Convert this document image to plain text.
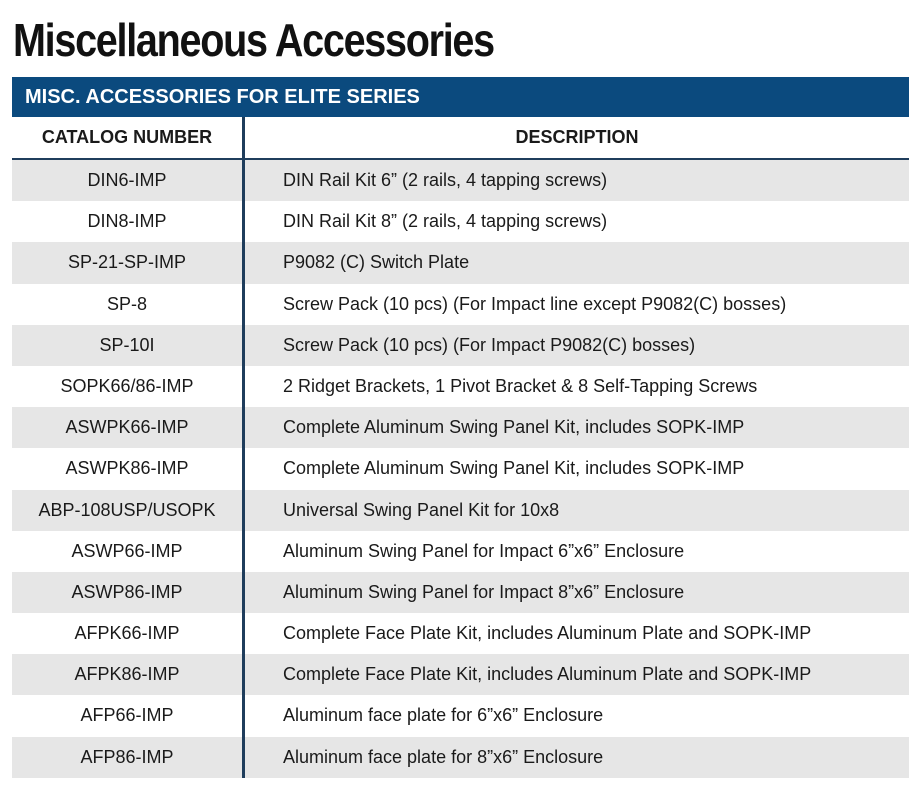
Miscellaneous Accessories
MISC. ACCESSORIES FOR ELITE SERIES
CATALOG NUMBER	DESCRIPTION
DIN6-IMP	DIN Rail Kit 6” (2 rails, 4 tapping screws)
DIN8-IMP	DIN Rail Kit 8” (2 rails, 4 tapping screws)
SP-21-SP-IMP	P9082 (C) Switch Plate
SP-8	Screw Pack (10 pcs) (For Impact line except P9082(C) bosses)
SP-10I	Screw Pack (10 pcs) (For Impact P9082(C) bosses)
SOPK66/86-IMP	2 Ridget Brackets, 1 Pivot Bracket & 8 Self-Tapping Screws
ASWPK66-IMP	Complete Aluminum Swing Panel Kit, includes SOPK-IMP
ASWPK86-IMP	Complete Aluminum Swing Panel Kit, includes SOPK-IMP
ABP-108USP/USOPK	Universal Swing Panel Kit for 10x8
ASWP66-IMP	Aluminum Swing Panel for Impact 6”x6” Enclosure
ASWP86-IMP	Aluminum Swing Panel for Impact 8”x6” Enclosure
AFPK66-IMP	Complete Face Plate Kit, includes Aluminum Plate and SOPK-IMP
AFPK86-IMP	Complete Face Plate Kit, includes Aluminum Plate and SOPK-IMP
AFP66-IMP	Aluminum face plate for 6”x6” Enclosure
AFP86-IMP	Aluminum face plate for 8”x6” Enclosure
